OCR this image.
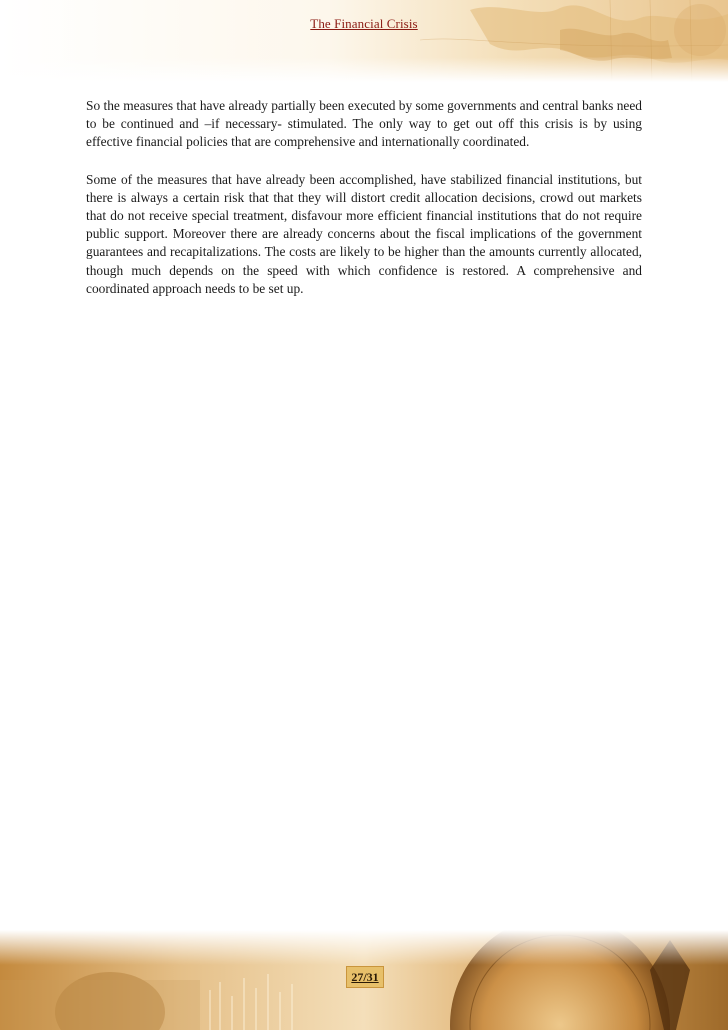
The Financial Crisis

So the measures that have already partially been executed by some governments and central banks need to be continued and –if necessary- stimulated. The only way to get out off this crisis is by using effective financial policies that are comprehensive and internationally coordinated.

Some of the measures that have already been accomplished, have stabilized financial institutions, but there is always a certain risk that that they will distort credit allocation decisions, crowd out markets that do not receive special treatment, disfavour more efficient financial institutions that do not require public support. Moreover there are already concerns about the fiscal implications of the government guarantees and recapitalizations. The costs are likely to be higher than the amounts currently allocated, though much depends on the speed with which confidence is restored. A comprehensive and coordinated approach needs to be set up.

27/31
